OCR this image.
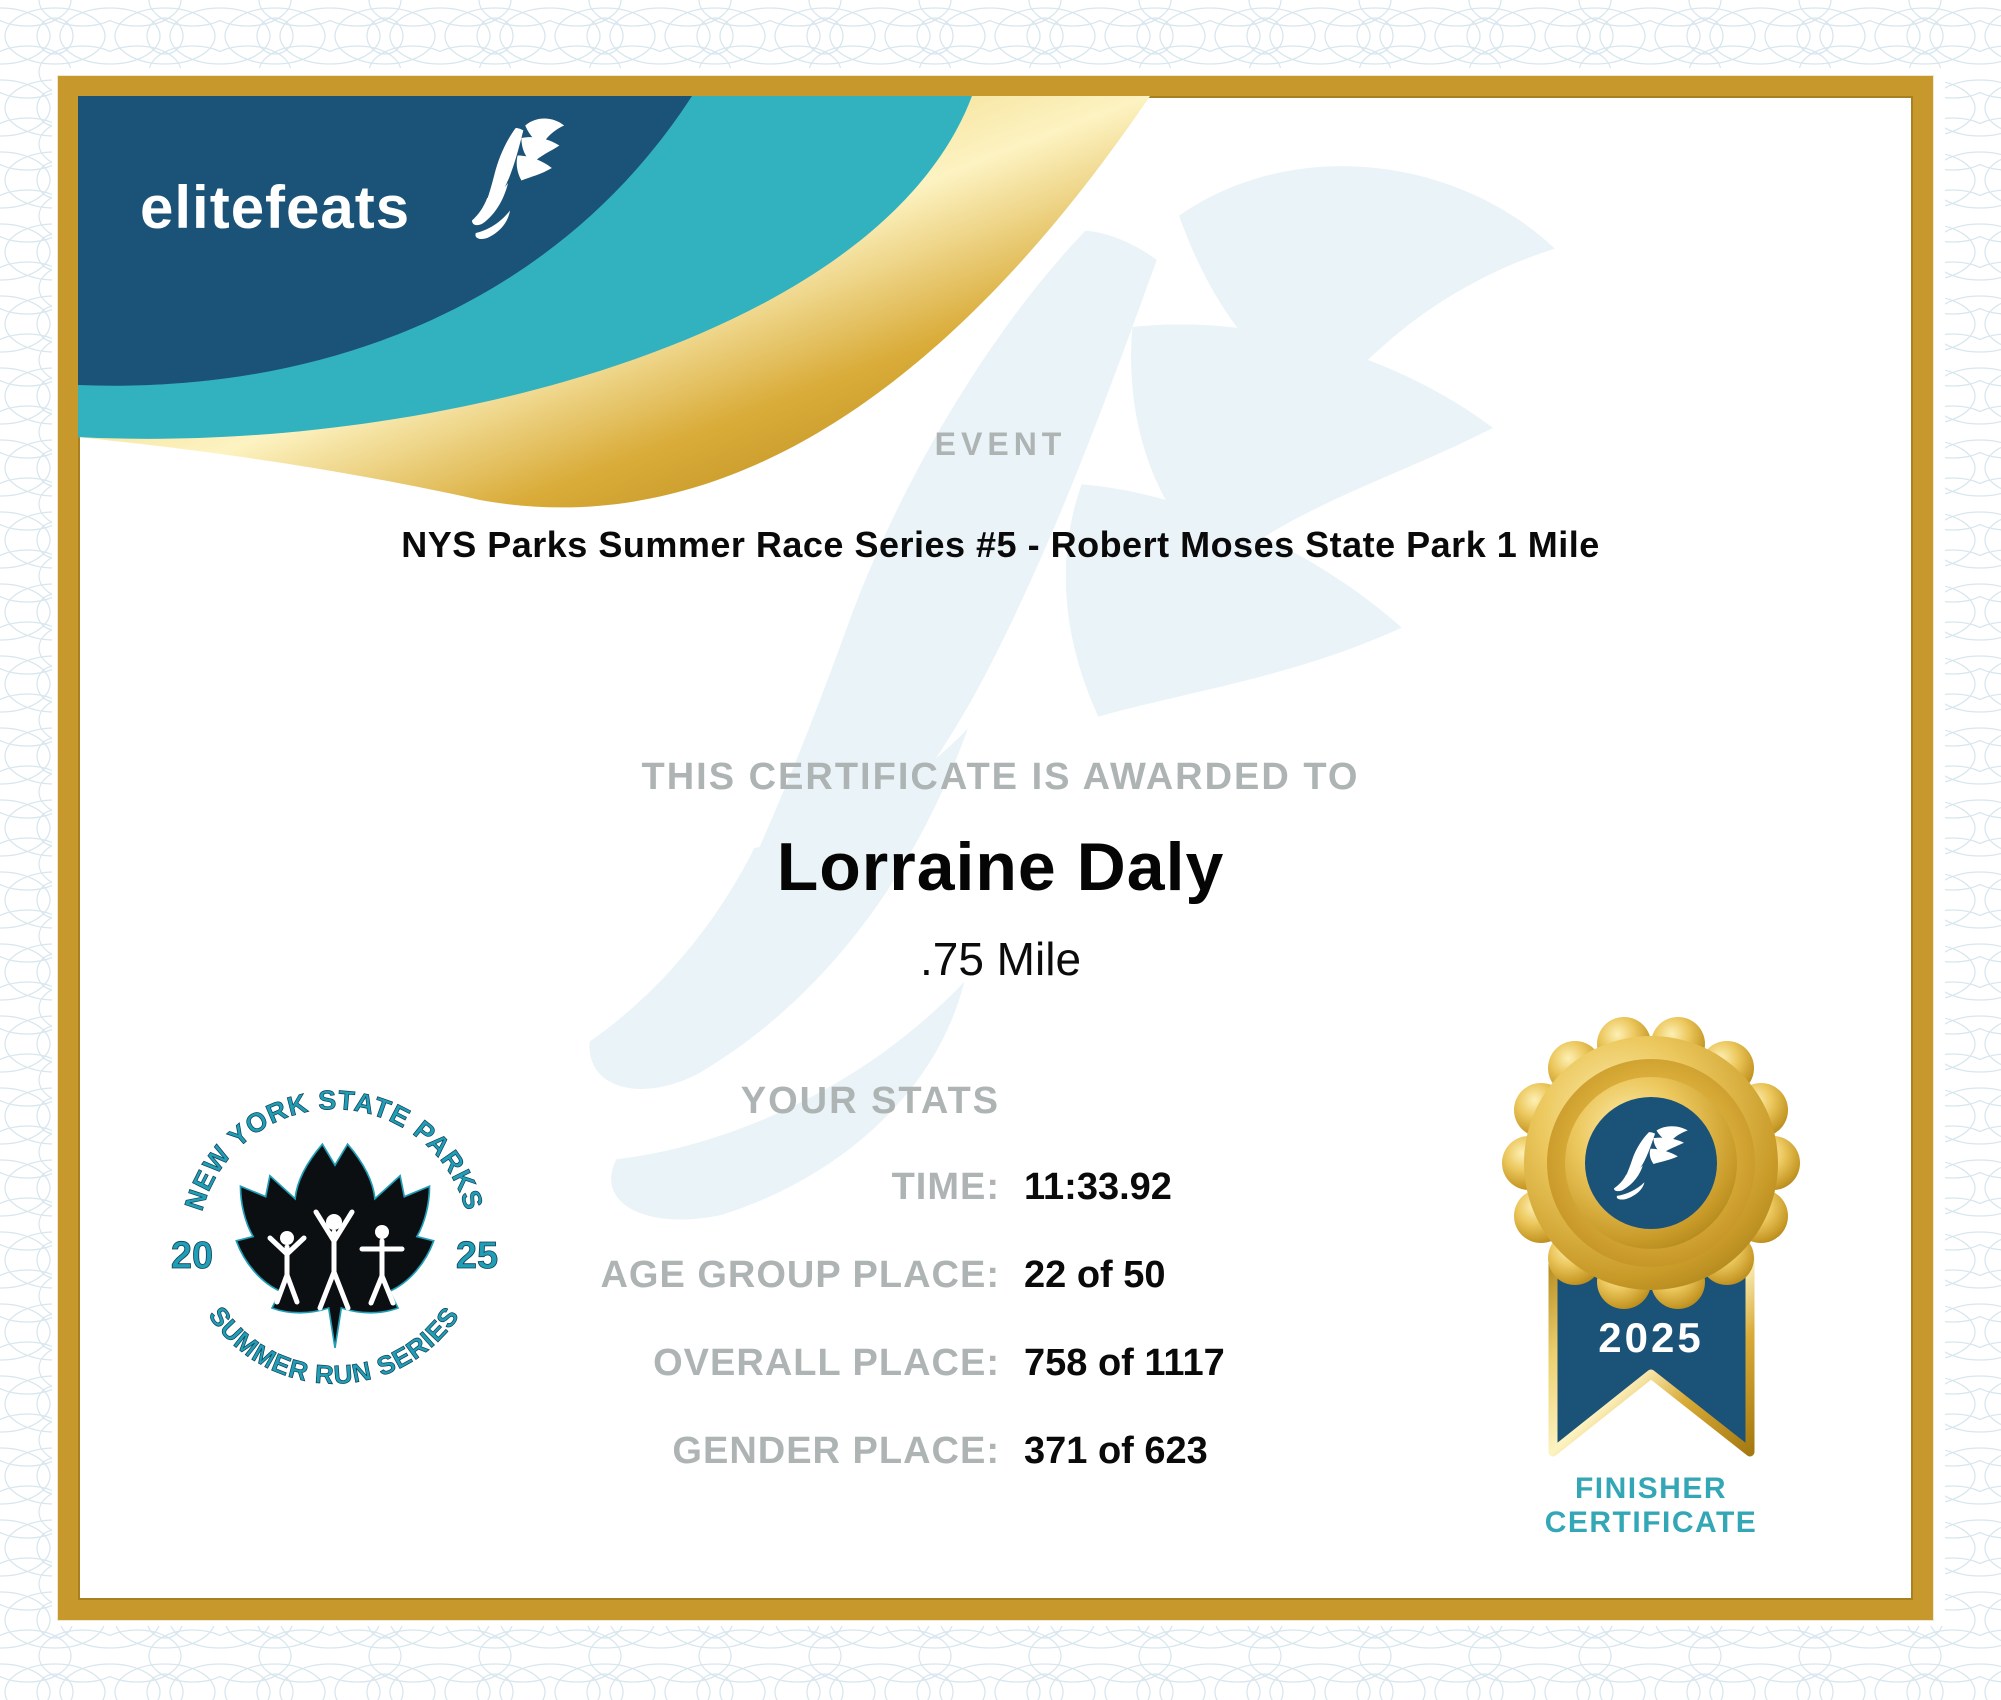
elitefeats
EVENT
NYS Parks Summer Race Series #5 - Robert Moses State Park 1 Mile
THIS CERTIFICATE IS AWARDED TO
Lorraine Daly
.75 Mile
YOUR STATS
TIME: 11:33.92
AGE GROUP PLACE: 22 of 50
OVERALL PLACE: 758 of 1117
GENDER PLACE: 371 of 623
NEW YORK STATE PARKS
SUMMER RUN SERIES
20	25
2025
FINISHER
CERTIFICATE
